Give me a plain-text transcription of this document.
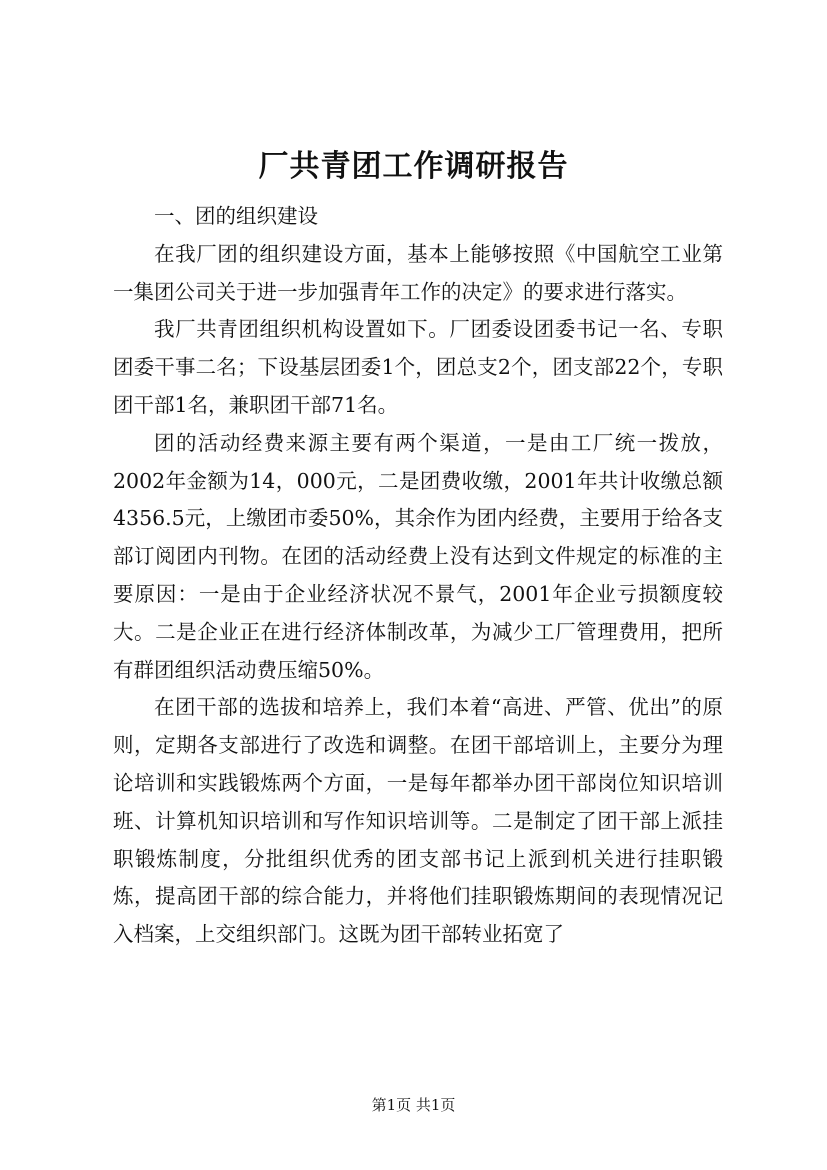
厂共青团工作调研报告

一、团的组织建设

在我厂团的组织建设方面，基本上能够按照《中国航空工业第一集团公司关于进一步加强青年工作的决定》的要求进行落实。

我厂共青团组织机构设置如下。厂团委设团委书记一名、专职团委干事二名；下设基层团委1个，团总支2个，团支部22个，专职团干部1名，兼职团干部71名。

团的活动经费来源主要有两个渠道，一是由工厂统一拨放，2002年金额为14，000元，二是团费收缴，2001年共计收缴总额4356.5元，上缴团市委50%，其余作为团内经费，主要用于给各支部订阅团内刊物。在团的活动经费上没有达到文件规定的标准的主要原因：一是由于企业经济状况不景气，2001年企业亏损额度较大。二是企业正在进行经济体制改革，为减少工厂管理费用，把所有群团组织活动费压缩50%。

在团干部的选拔和培养上，我们本着“高进、严管、优出”的原则，定期各支部进行了改选和调整。在团干部培训上，主要分为理论培训和实践锻炼两个方面，一是每年都举办团干部岗位知识培训班、计算机知识培训和写作知识培训等。二是制定了团干部上派挂职锻炼制度，分批组织优秀的团支部书记上派到机关进行挂职锻炼，提高团干部的综合能力，并将他们挂职锻炼期间的表现情况记入档案，上交组织部门。这既为团干部转业拓宽了

第1页 共1页
